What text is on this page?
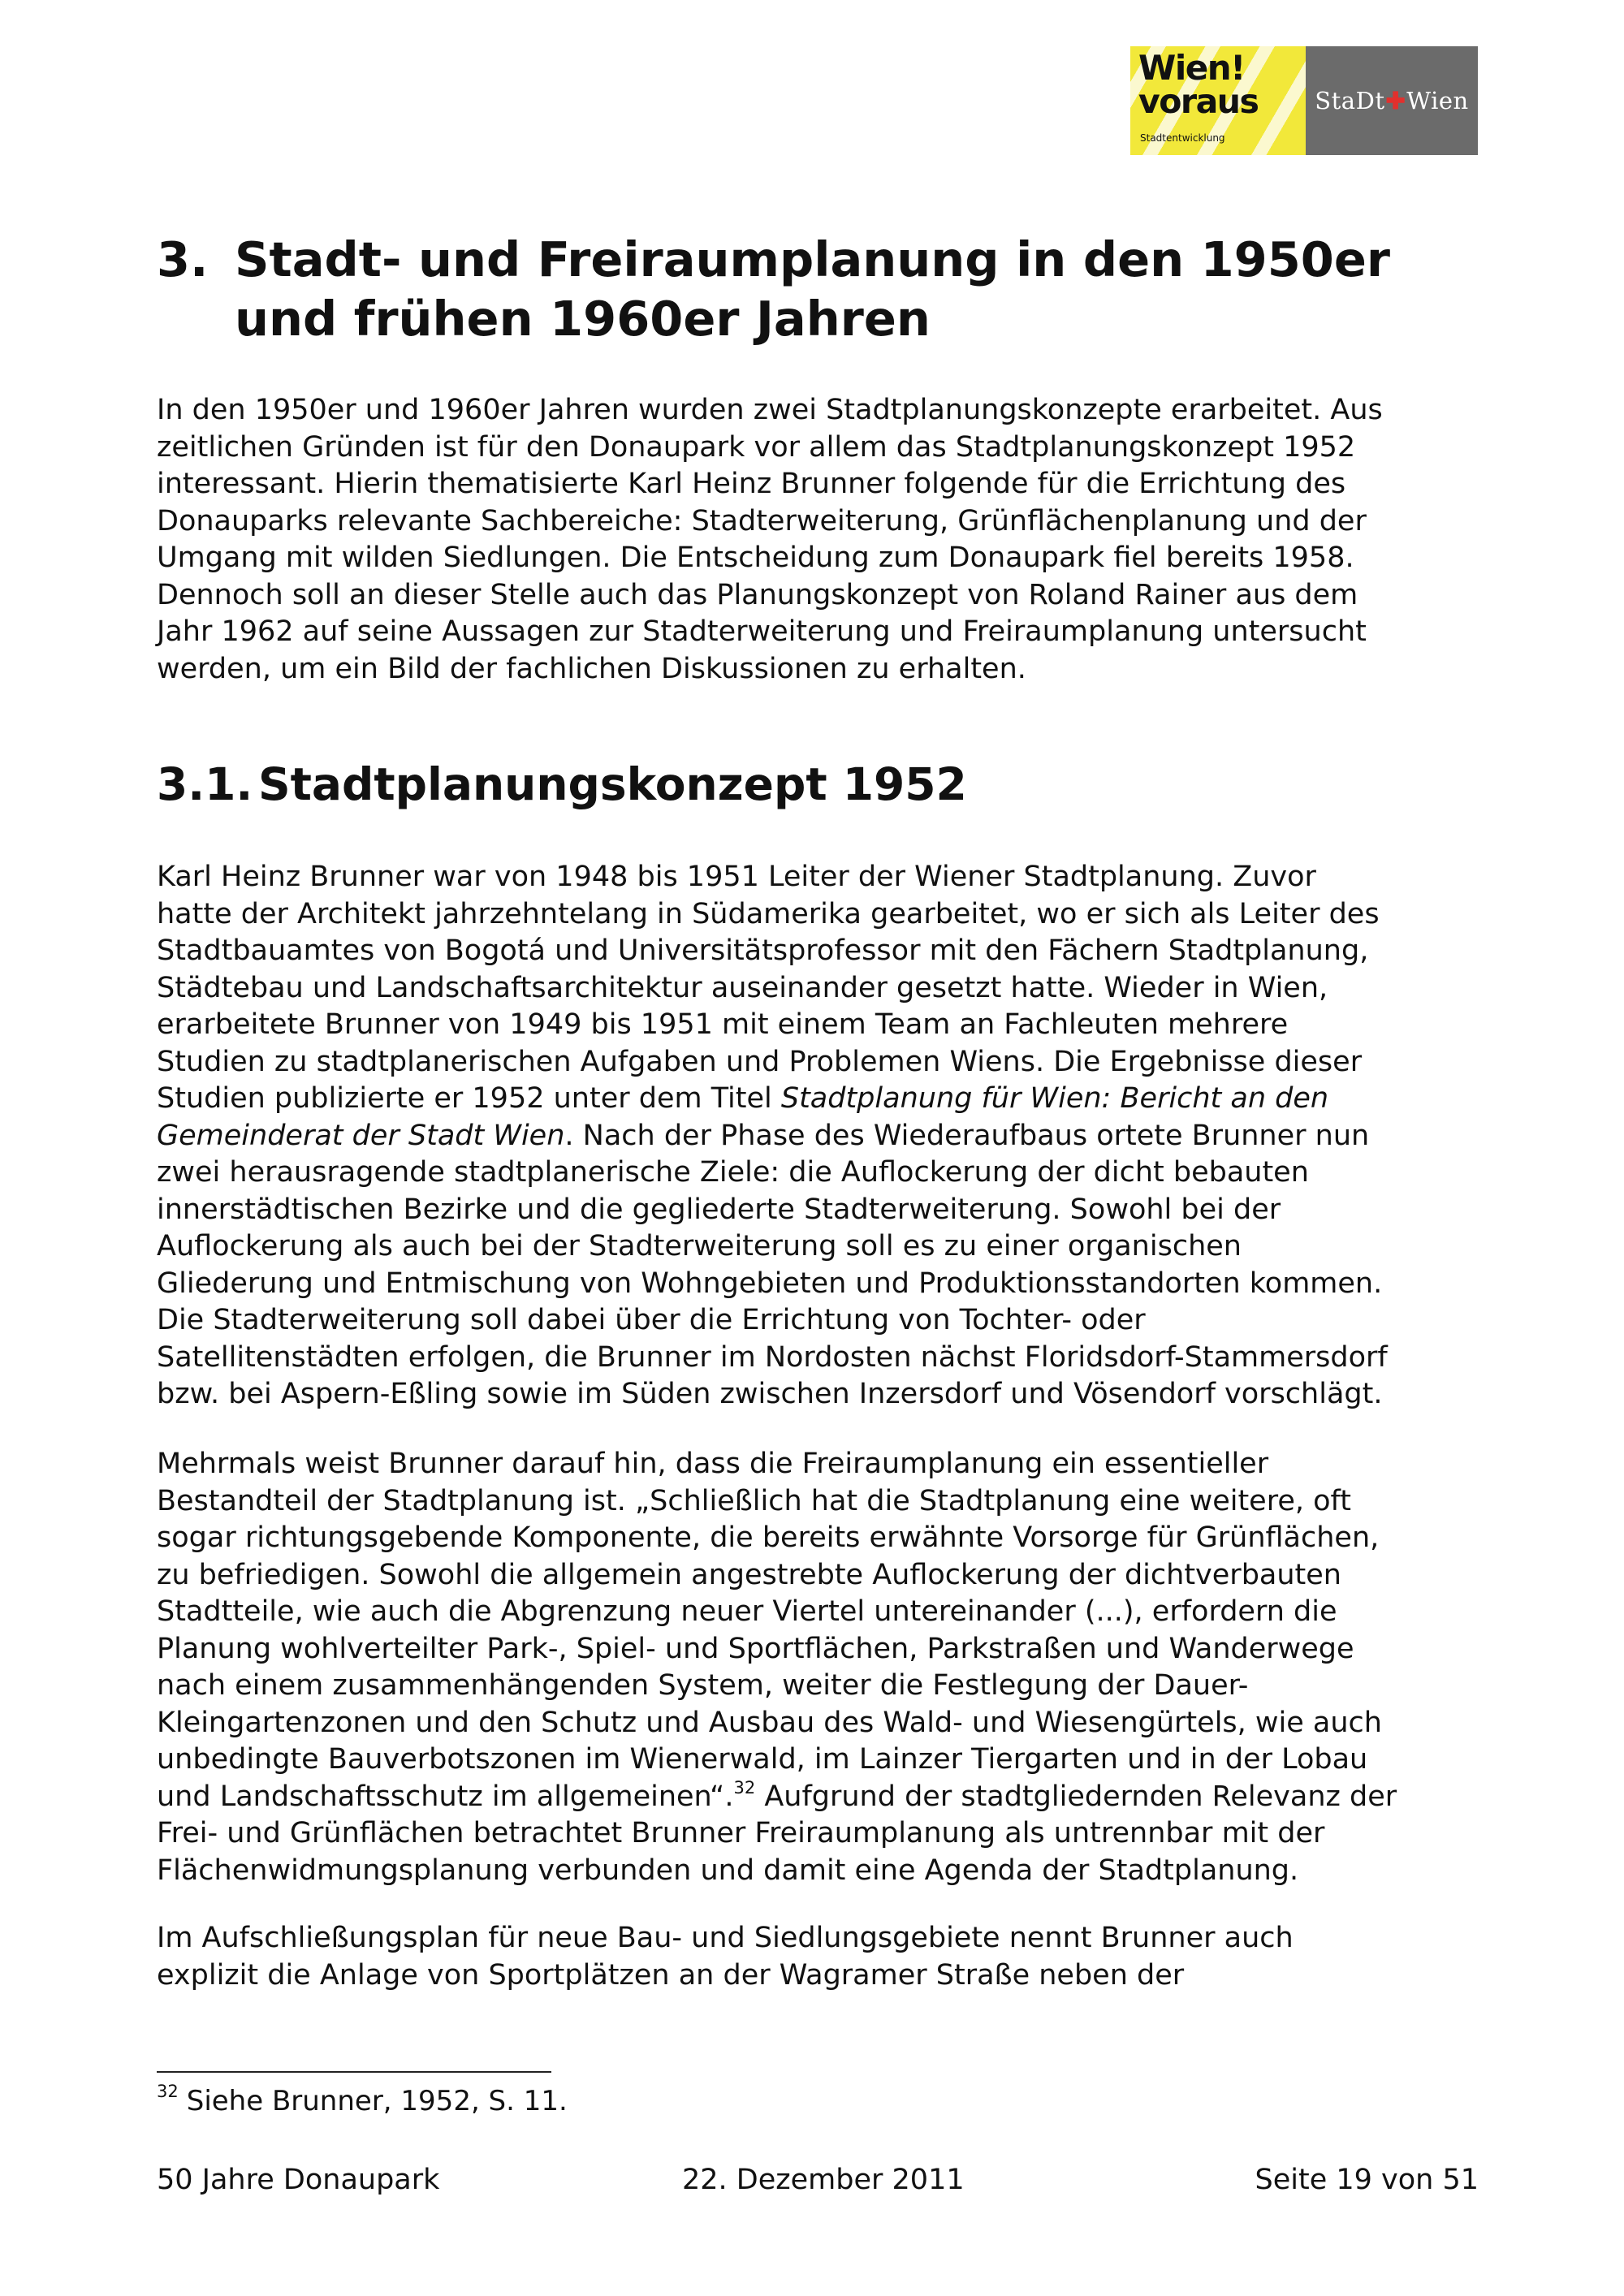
Wien!
voraus
Stadtentwicklung
StaDt ✚ Wien
3. Stadt- und Freiraumplanung in den 1950er
und frühen 1960er Jahren

In den 1950er und 1960er Jahren wurden zwei Stadtplanungskonzepte erarbeitet. Aus
zeitlichen Gründen ist für den Donaupark vor allem das Stadtplanungskonzept 1952
interessant. Hierin thematisierte Karl Heinz Brunner folgende für die Errichtung des
Donauparks relevante Sachbereiche: Stadterweiterung, Grünflächenplanung und der
Umgang mit wilden Siedlungen. Die Entscheidung zum Donaupark fiel bereits 1958.
Dennoch soll an dieser Stelle auch das Planungskonzept von Roland Rainer aus dem
Jahr 1962 auf seine Aussagen zur Stadterweiterung und Freiraumplanung untersucht
werden, um ein Bild der fachlichen Diskussionen zu erhalten.

3.1. Stadtplanungskonzept 1952

Karl Heinz Brunner war von 1948 bis 1951 Leiter der Wiener Stadtplanung. Zuvor
hatte der Architekt jahrzehntelang in Südamerika gearbeitet, wo er sich als Leiter des
Stadtbauamtes von Bogotá und Universitätsprofessor mit den Fächern Stadtplanung,
Städtebau und Landschaftsarchitektur auseinander gesetzt hatte. Wieder in Wien,
erarbeitete Brunner von 1949 bis 1951 mit einem Team an Fachleuten mehrere
Studien zu stadtplanerischen Aufgaben und Problemen Wiens. Die Ergebnisse dieser
Studien publizierte er 1952 unter dem Titel Stadtplanung für Wien: Bericht an den
Gemeinderat der Stadt Wien. Nach der Phase des Wiederaufbaus ortete Brunner nun
zwei herausragende stadtplanerische Ziele: die Auflockerung der dicht bebauten
innerstädtischen Bezirke und die gegliederte Stadterweiterung. Sowohl bei der
Auflockerung als auch bei der Stadterweiterung soll es zu einer organischen
Gliederung und Entmischung von Wohngebieten und Produktionsstandorten kommen.
Die Stadterweiterung soll dabei über die Errichtung von Tochter- oder
Satellitenstädten erfolgen, die Brunner im Nordosten nächst Floridsdorf-Stammersdorf
bzw. bei Aspern-Eßling sowie im Süden zwischen Inzersdorf und Vösendorf vorschlägt.

Mehrmals weist Brunner darauf hin, dass die Freiraumplanung ein essentieller
Bestandteil der Stadtplanung ist. „Schließlich hat die Stadtplanung eine weitere, oft
sogar richtungsgebende Komponente, die bereits erwähnte Vorsorge für Grünflächen,
zu befriedigen. Sowohl die allgemein angestrebte Auflockerung der dichtverbauten
Stadtteile, wie auch die Abgrenzung neuer Viertel untereinander (...), erfordern die
Planung wohlverteilter Park-, Spiel- und Sportflächen, Parkstraßen und Wanderwege
nach einem zusammenhängenden System, weiter die Festlegung der Dauer-
Kleingartenzonen und den Schutz und Ausbau des Wald- und Wiesengürtels, wie auch
unbedingte Bauverbotszonen im Wienerwald, im Lainzer Tiergarten und in der Lobau
und Landschaftsschutz im allgemeinen“.$^{32}$ Aufgrund der stadtgliedernden Relevanz der
Frei- und Grünflächen betrachtet Brunner Freiraumplanung als untrennbar mit der
Flächenwidmungsplanung verbunden und damit eine Agenda der Stadtplanung.

Im Aufschließungsplan für neue Bau- und Siedlungsgebiete nennt Brunner auch
explizit die Anlage von Sportplätzen an der Wagramer Straße neben der

$^{32}$ Siehe Brunner, 1952, S. 11.
50 Jahre Donaupark	22. Dezember 2011	Seite 19 von 51
